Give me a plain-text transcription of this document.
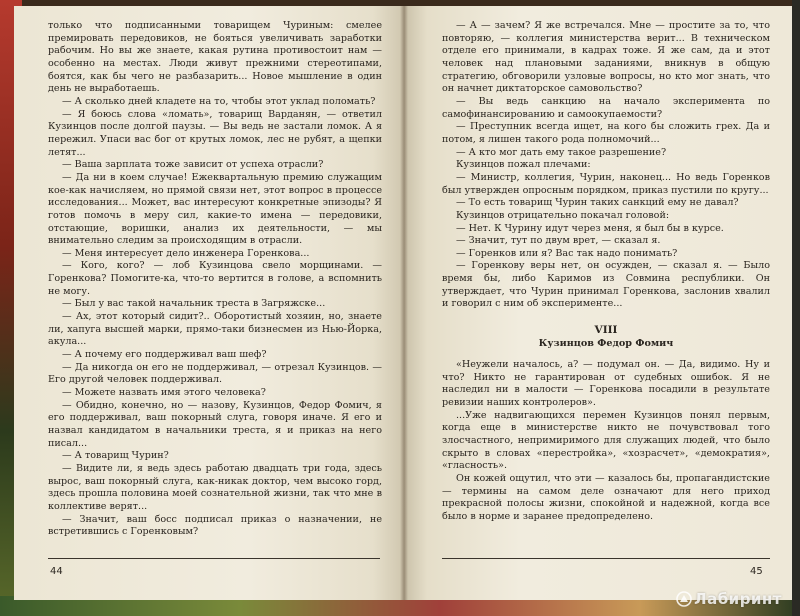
только что подписанными товарищем Чуриным: смелее премировать передовиков, не бояться увеличивать заработки рабочим. Но вы же знаете, какая рутина противостоит нам — особенно на местах. Люди живут прежними стереотипами, боятся, как бы чего не разбазарить... Новое мышление в один день не выработаешь.

— А сколько дней кладете на то, чтобы этот уклад поломать?

— Я боюсь слова «ломать», товарищ Варданян, — ответил Кузинцов после долгой паузы. — Вы ведь не застали ломок. А я пережил. Упаси вас бог от крутых ломок, лес не рубят, а щепки летят...

— Ваша зарплата тоже зависит от успеха отрасли?

— Да ни в коем случае! Ежеквартальную премию служащим кое-как начисляем, но прямой связи нет, этот вопрос в процессе исследования... Может, вас интересуют конкретные эпизоды? Я готов помочь в меру сил, какие-то имена — передовики, отстающие, воришки, анализ их деятельности, — мы внимательно следим за происходящим в отрасли.

— Меня интересует дело инженера Горенкова...

— Кого, кого? — лоб Кузинцова свело морщинами. — Горенкова? Помогите-ка, что-то вертится в голове, а вспомнить не могу.

— Был у вас такой начальник треста в Загряжске...

— Ах, этот который сидит?.. Оборотистый хозяин, но, знаете ли, хапуга высшей марки, прямо-таки бизнесмен из Нью-Йорка, акула...

— А почему его поддерживал ваш шеф?

— Да никогда он его не поддерживал, — отрезал Кузинцов. — Его другой человек поддерживал.

— Можете назвать имя этого человека?

— Обидно, конечно, но — назову, Кузинцов, Федор Фомич, я его поддерживал, ваш покорный слуга, говоря иначе. Я его и назвал кандидатом в начальники треста, я и приказ на него писал...

— А товарищ Чурин?

— Видите ли, я ведь здесь работаю двадцать три года, здесь вырос, ваш покорный слуга, как-никак доктор, чем высоко горд, здесь прошла половина моей сознательной жизни, так что мне в коллективе верят...

— Значит, ваш босс подписал приказ о назначении, не встретившись с Горенковым?

44

— А — зачем? Я же встречался. Мне — простите за то, что повторяю, — коллегия министерства верит... В техническом отделе его принимали, в кадрах тоже. Я же сам, да и этот человек над плановыми заданиями, вникнув в общую стратегию, обговорили узловые вопросы, но кто мог знать, что он начнет диктаторское самовольство?

— Вы ведь санкцию на начало эксперимента по самофинансированию и самоокупаемости?

— Преступник всегда ищет, на кого бы сложить грех. Да и потом, я лишен такого рода полномочий...

— А кто мог дать ему такое разрешение?

Кузинцов пожал плечами:

— Министр, коллегия, Чурин, наконец... Но ведь Горенков был утвержден опросным порядком, приказ пустили по кругу...

— То есть товарищ Чурин таких санкций ему не давал?

Кузинцов отрицательно покачал головой:

— Нет. К Чурину идут через меня, я был бы в курсе.

— Значит, тут по двум врет, — сказал я.

— Горенков или я? Вас так надо понимать?

— Горенкову веры нет, он осужден, — сказал я. — Было время бы, либо Каримов из Совмина республики. Он утверждает, что Чурин принимал Горенкова, заслонив хвалил и говорил с ним об эксперименте...

VIII
Кузинцов Федор Фомич

«Неужели началось, а? — подумал он. — Да, видимо. Ну и что? Никто не гарантирован от судебных ошибок. Я не наследил ни в малости — Горенкова посадили в результате ревизии наших контролеров».

...Уже надвигающихся перемен Кузинцов понял первым, когда еще в министерстве никто не почувствовал того злосчастного, непримиримого для служащих людей, что было скрыто в словах «перестройка», «хозрасчет», «демократия», «гласность».

Он кожей ощутил, что эти — казалось бы, пропагандистские — термины на самом деле означают для него приход прекрасной полосы жизни, спокойной и надежной, когда все было в норме и заранее предопределено.

45
Лабиринт
